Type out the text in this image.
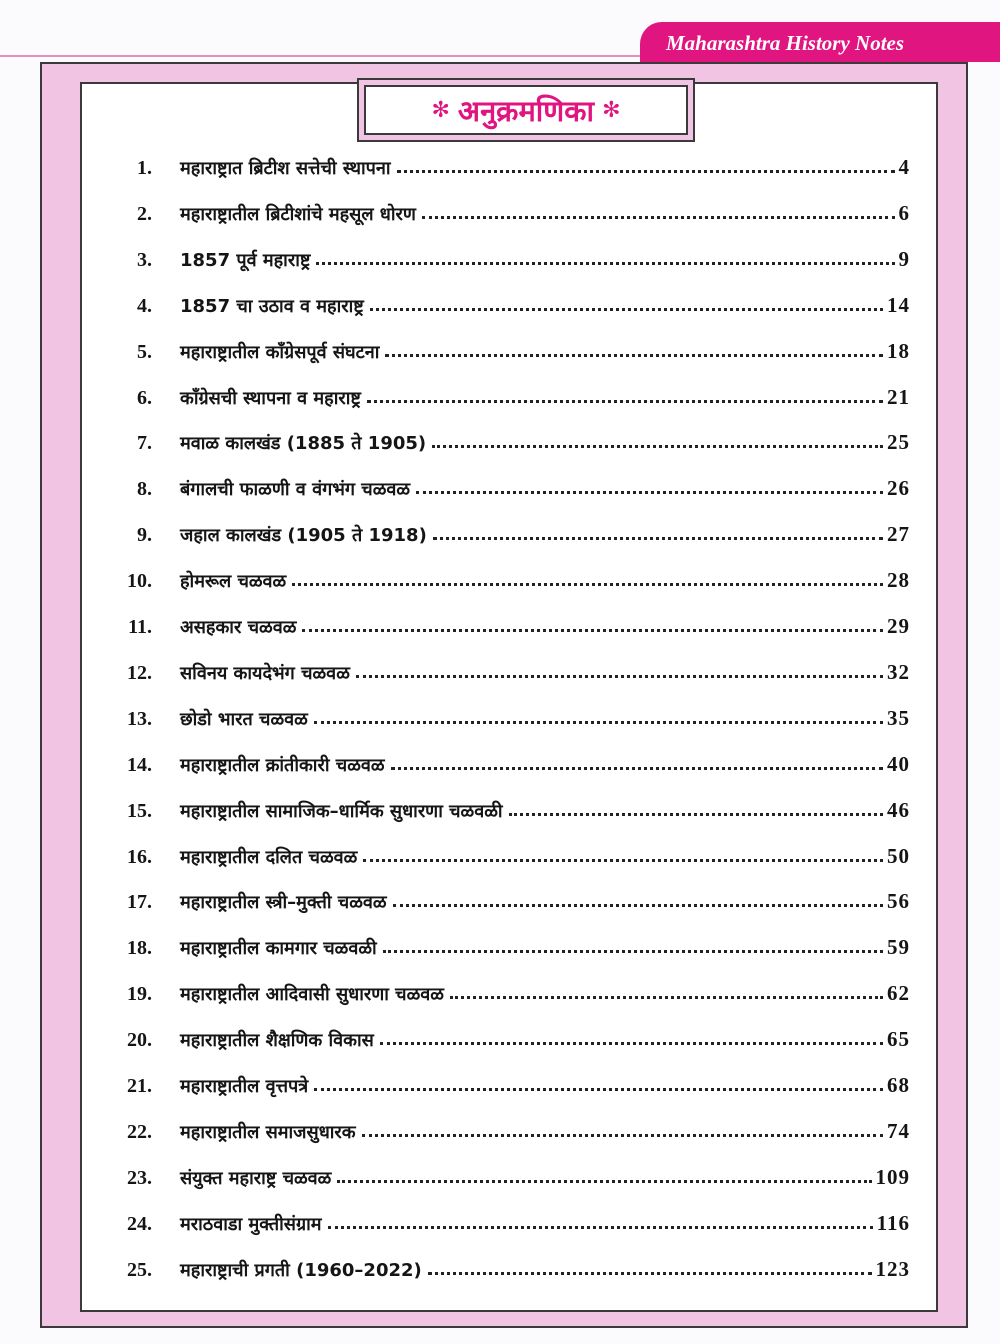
Maharashtra History Notes
✻ अनुक्रमणिका ✻
1.	महाराष्ट्रात ब्रिटीश सत्तेची स्थापना	4
2.	महाराष्ट्रातील ब्रिटीशांचे महसूल धोरण	6
3.	1857 पूर्व महाराष्ट्र	9
4.	1857 चा उठाव व महाराष्ट्र	14
5.	महाराष्ट्रातील काँग्रेसपूर्व संघटना	18
6.	काँग्रेसची स्थापना व महाराष्ट्र	21
7.	मवाळ कालखंड (1885 ते 1905)	25
8.	बंगालची फाळणी व वंगभंग चळवळ	26
9.	जहाल कालखंड (1905 ते 1918)	27
10.	होमरूल चळवळ	28
11.	असहकार चळवळ	29
12.	सविनय कायदेभंग चळवळ	32
13.	छोडो भारत चळवळ	35
14.	महाराष्ट्रातील क्रांतीकारी चळवळ	40
15.	महाराष्ट्रातील सामाजिक–धार्मिक सुधारणा चळवळी	46
16.	महाराष्ट्रातील दलित चळवळ	50
17.	महाराष्ट्रातील स्त्री–मुक्ती चळवळ	56
18.	महाराष्ट्रातील कामगार चळवळी	59
19.	महाराष्ट्रातील आदिवासी सुधारणा चळवळ	62
20.	महाराष्ट्रातील शैक्षणिक विकास	65
21.	महाराष्ट्रातील वृत्तपत्रे	68
22.	महाराष्ट्रातील समाजसुधारक	74
23.	संयुक्त महाराष्ट्र चळवळ	109
24.	मराठवाडा मुक्तीसंग्राम	116
25.	महाराष्ट्राची प्रगती (1960–2022)	123
